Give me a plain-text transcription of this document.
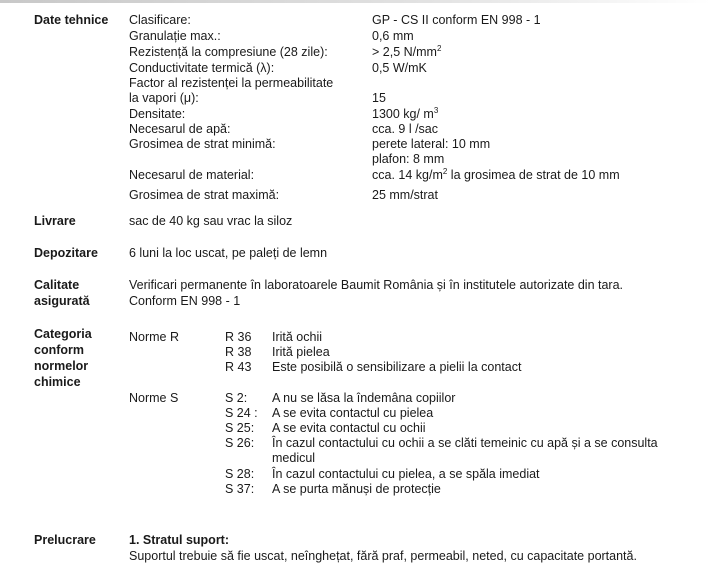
Date tehnice
Livrare
Depozitare
Calitate
asigurată
Categoria
conform
normelor
chimice
Prelucrare
Clasificare:
Granulație max.:
Rezistență la compresiune (28 zile):
Conductivitate termică (λ):
Factor al rezistenței la permeabilitate
la vapori (μ):
Densitate:
Necesarul de apă:
Grosimea de strat minimă:
Necesarul de material:
Grosimea de strat maximă:
GP - CS II conform EN 998 - 1
0,6 mm
> 2,5 $N/mm^2$
0,5 W/mK
15
1300 kg/ $m^3$
cca. 9 l /sac
perete lateral: 10 mm
plafon: 8 mm
cca. 14 $kg/m^2$ la grosimea de strat de 10 mm
25 mm/strat
sac de 40 kg sau vrac la siloz
6 luni la loc uscat, pe paleți de lemn
Verificari permanente în laboratoarele Baumit România și în institutele autorizate din tara.
Conform EN 998 - 1
Norme R	R 36 Irită ochii
R 38 Irită pielea
R 43 Este posibilă o sensibilizare a pielii la contact
Norme S	S 2: A nu se lăsa la îndemâna copiilor
S 24 : A se evita contactul cu pielea
S 25: A se evita contactul cu ochii
S 26: În cazul contactului cu ochii a se clăti temeinic cu apă și a se consulta
medicul
S 28: În cazul contactului cu pielea, a se spăla imediat
S 37: A se purta mănuși de protecție
1. Stratul suport:
Suportul trebuie să fie uscat, neînghețat, fără praf, permeabil, neted, cu capacitate portantă.
